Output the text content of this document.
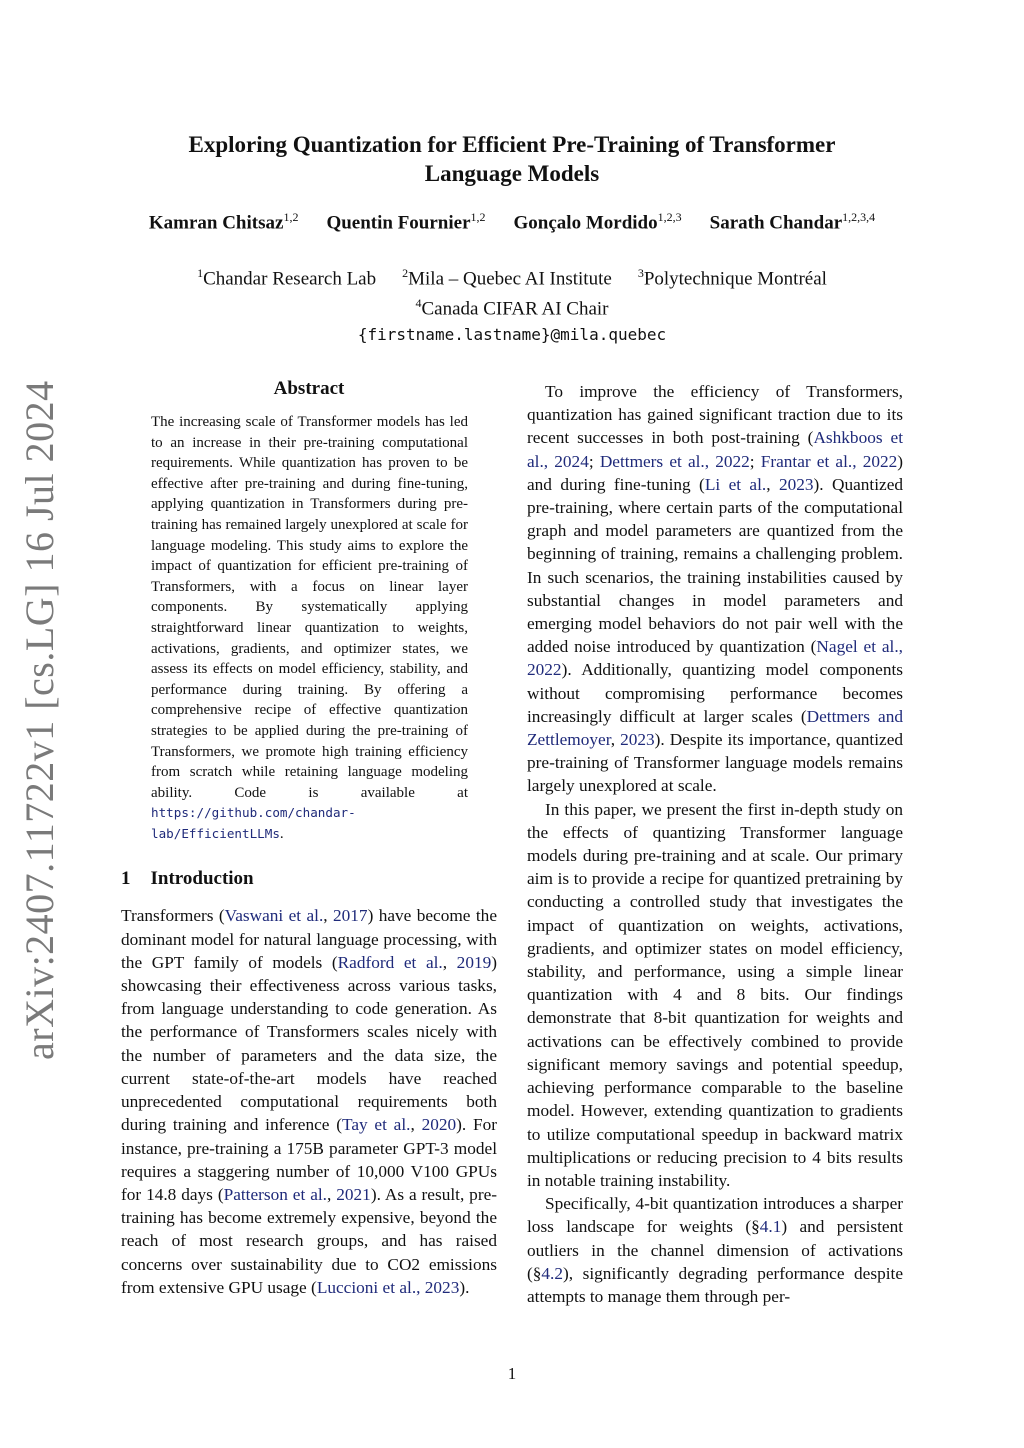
arXiv:2407.11722v1 [cs.LG] 16 Jul 2024
Exploring Quantization for Efficient Pre-Training of Transformer Language Models
Kamran Chitsaz$^{1,2}$ Quentin Fournier$^{1,2}$ Gonçalo Mordido$^{1,2,3}$ Sarath Chandar$^{1,2,3,4}$
$^1$Chandar Research Lab $^2$Mila – Quebec AI Institute $^3$Polytechnique Montréal
$^4$Canada CIFAR AI Chair
{firstname.lastname}@mila.quebec
Abstract
The increasing scale of Transformer models has led to an increase in their pre-training computational requirements. While quantization has proven to be effective after pre-training and during fine-tuning, applying quantization in Transformers during pre-training has remained largely unexplored at scale for language modeling. This study aims to explore the impact of quantization for efficient pre-training of Transformers, with a focus on linear layer components. By systematically applying straightforward linear quantization to weights, activations, gradients, and optimizer states, we assess its effects on model efficiency, stability, and performance during training. By offering a comprehensive recipe of effective quantization strategies to be applied during the pre-training of Transformers, we promote high training efficiency from scratch while retaining language modeling ability. Code is available at https://github.com/chandar-lab/EfficientLLMs.
1 Introduction

Transformers (Vaswani et al., 2017) have become the dominant model for natural language processing, with the GPT family of models (Radford et al., 2019) showcasing their effectiveness across various tasks, from language understanding to code generation. As the performance of Transformers scales nicely with the number of parameters and the data size, the current state-of-the-art models have reached unprecedented computational requirements both during training and inference (Tay et al., 2020). For instance, pre-training a 175B parameter GPT-3 model requires a staggering number of 10,000 V100 GPUs for 14.8 days (Patterson et al., 2021). As a result, pre-training has become extremely expensive, beyond the reach of most research groups, and has raised concerns over sustainability due to CO2 emissions from extensive GPU usage (Luccioni et al., 2023).

To improve the efficiency of Transformers, quantization has gained significant traction due to its recent successes in both post-training (Ashkboos et al., 2024; Dettmers et al., 2022; Frantar et al., 2022) and during fine-tuning (Li et al., 2023). Quantized pre-training, where certain parts of the computational graph and model parameters are quantized from the beginning of training, remains a challenging problem. In such scenarios, the training instabilities caused by substantial changes in model parameters and emerging model behaviors do not pair well with the added noise introduced by quantization (Nagel et al., 2022). Additionally, quantizing model components without compromising performance becomes increasingly difficult at larger scales (Dettmers and Zettlemoyer, 2023). Despite its importance, quantized pre-training of Transformer language models remains largely unexplored at scale.

In this paper, we present the first in-depth study on the effects of quantizing Transformer language models during pre-training and at scale. Our primary aim is to provide a recipe for quantized pretraining by conducting a controlled study that investigates the impact of quantization on weights, activations, gradients, and optimizer states on model efficiency, stability, and performance, using a simple linear quantization with 4 and 8 bits. Our findings demonstrate that 8-bit quantization for weights and activations can be effectively combined to provide significant memory savings and potential speedup, achieving performance comparable to the baseline model. However, extending quantization to gradients to utilize computational speedup in backward matrix multiplications or reducing precision to 4 bits results in notable training instability.

Specifically, 4-bit quantization introduces a sharper loss landscape for weights (§4.1) and persistent outliers in the channel dimension of activations (§4.2), significantly degrading performance despite attempts to manage them through per-

1
